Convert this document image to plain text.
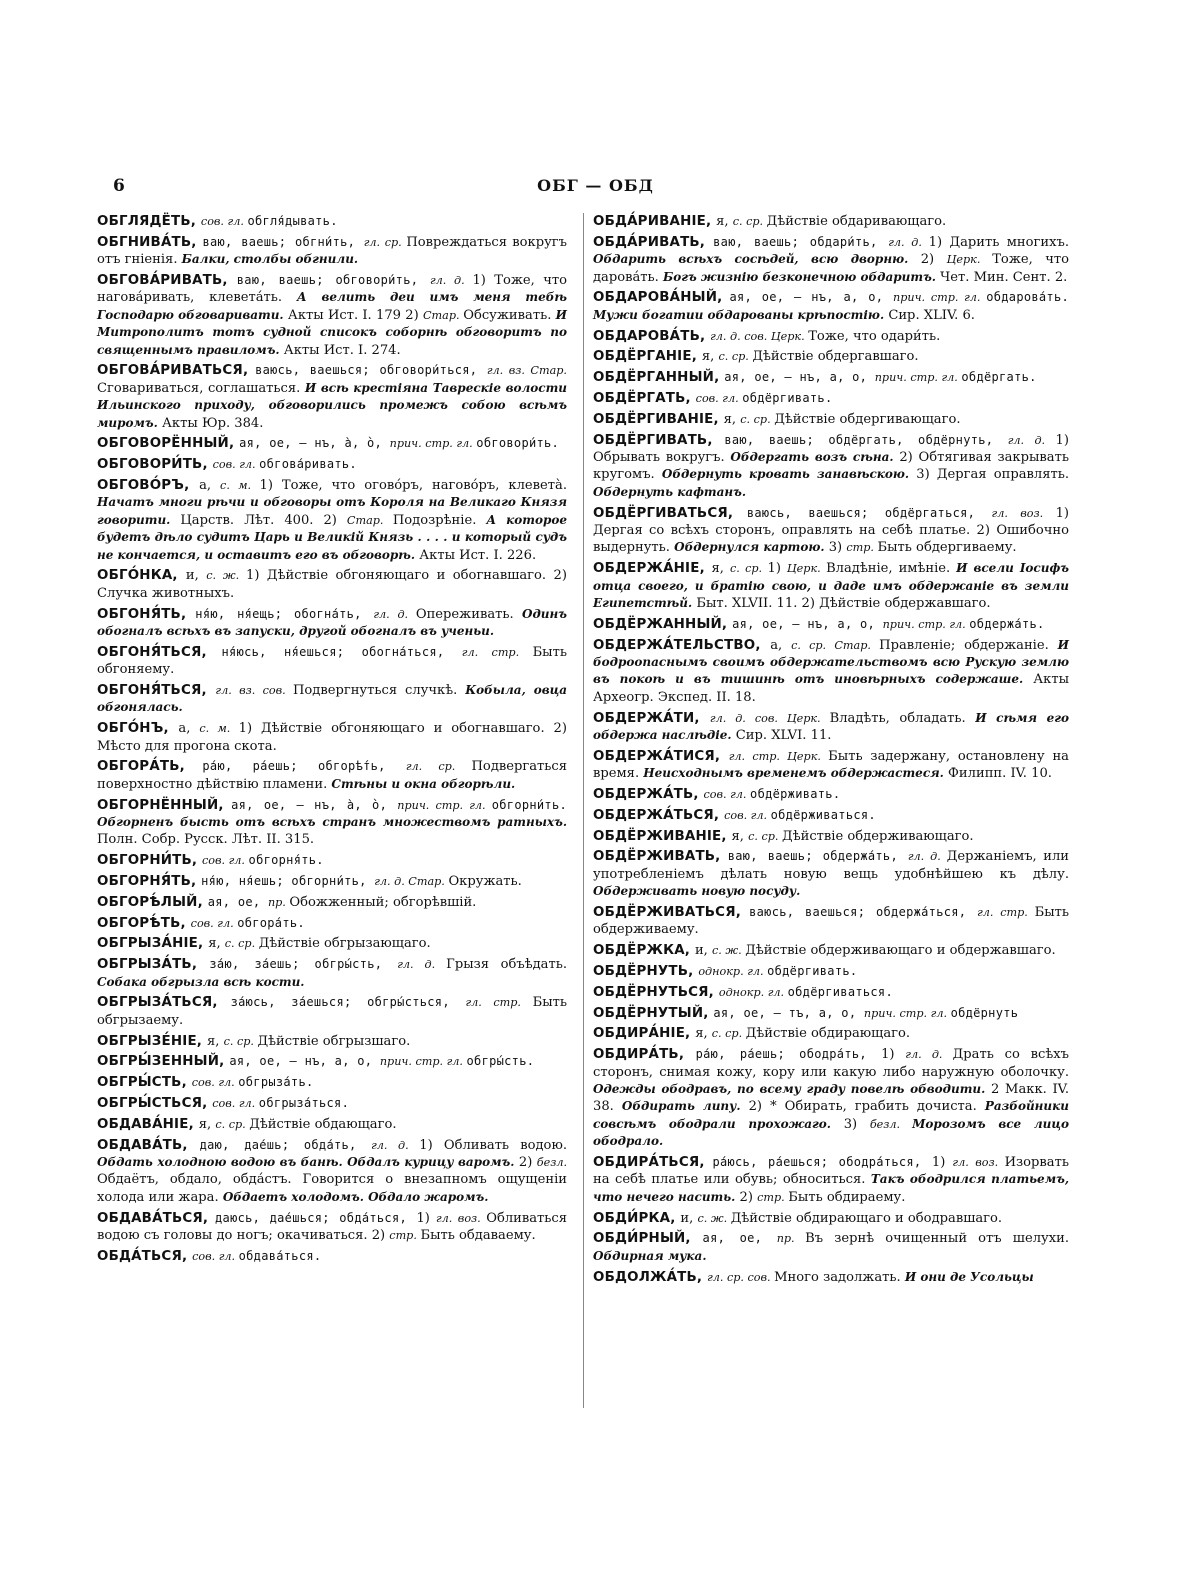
6	ОБГ — ОБД
ОБГЛЯДЁТЬ, сов. гл. обгля́дывать.
ОБГНИВА́ТЬ, ваю, ваешь; обгни́ть, гл. ср. Повреждаться вокругъ отъ гніенія. Балки, столбы обгнили.
ОБГОВА́РИВАТЬ, ваю, ваешь; обговори́ть, гл. д. 1) Тоже, что нагова́ривать, клевета́ть. А велить деи имъ меня тебѣ Господарю обговаривати. Акты Ист. I. 179 2) Стар. Обсуживать. И Митрополитъ тотъ судной списокъ соборнѣ обговоритъ по священнымъ правиломъ. Акты Ист. I. 274.
ОБГОВА́РИВАТЬСЯ, ваюсь, ваешься; обговори́ться, гл. вз. Стар. Сговариваться, соглашаться. И всѣ крестіяна Таврескіе волости Ильинского приходу, обговорились промежъ собою всѣмъ миромъ. Акты Юр. 384.
ОБГОВОРЁННЫЙ, ая, ое, — нъ, а̀, ò, прич. стр. гл. обговори́ть.
ОБГОВОРИ́ТЬ, сов. гл. обгова́ривать.
ОБГОВО́РЪ, а, с. м. 1) Тоже, что огово́ръ, нагово́ръ, клевета̀. Начатъ многи рѣчи и обговоры отъ Короля на Великаго Князя говорити. Царств. Лѣт. 400. 2) Стар. Подозрѣніе. А которое будетъ дѣло судитъ Царь и Великій Князь . . . . и который судъ не кончается, и оставитъ его въ обговорѣ. Акты Ист. I. 226.
ОБГО́НКА, и, с. ж. 1) Дѣйствіе обгоняющаго и обогнавшаго. 2) Случка животныхъ.
ОБГОНЯ́ТЬ, ня́ю, ня́ещь; обогна́ть, гл. д. Опереживать. Одинъ обогналъ всѣхъ въ запуски, другой обогналъ въ ученьи.
ОБГОНЯ́ТЬСЯ, ня́юсь, ня́ешься; обогна́ться, гл. стр. Быть обгоняему.
ОБГОНЯ́ТЬСЯ, гл. вз. сов. Подвергнуться случкѣ. Кобыла, овца обгонялась.
ОБГО́НЪ, а, с. м. 1) Дѣйствіе обгоняющаго и обогнавшаго. 2) Мѣсто для прогона скота.
ОБГОРА́ТЬ, ра́ю, ра́ешь; обгорѣ́ть, гл. ср. Подвергаться поверхностно дѣйствію пламени. Стѣны и окна обгорѣли.
ОБГОРНЁННЫЙ, ая, ое, — нъ, а̀, ò, прич. стр. гл. обгорни́ть. Обгорненъ бысть отъ всѣхъ странъ множествомъ ратныхъ. Полн. Собр. Русск. Лѣт. II. 315.
ОБГОРНИ́ТЬ, сов. гл. обгорня́ть.
ОБГОРНЯ́ТЬ, ня́ю, ня́ешь; обгорни́ть, гл. д. Стар. Окружать.
ОБГОРѢ́ЛЫЙ, ая, ое, пр. Обожженный; обгорѣвшій.
ОБГОРѢ́ТЬ, сов. гл. обгора́ть.
ОБГРЫЗА́НІЕ, я, с. ср. Дѣйствіе обгрызающаго.
ОБГРЫЗА́ТЬ, за́ю, за́ешь; обгры́сть, гл. д. Грызя объѣдать. Собака обгрызла всѣ кости.
ОБГРЫЗА́ТЬСЯ, за́юсь, за́ешься; обгры́сться, гл. стр. Быть обгрызаему.
ОБГРЫЗЕ́НІЕ, я, с. ср. Дѣйствіе обгрызшаго.
ОБГРЫ́ЗЕННЫЙ, ая, ое, — нъ, а, о, прич. стр. гл. обгры́сть.
ОБГРЫ́СТЬ, сов. гл. обгрыза́ть.
ОБГРЫ́СТЬСЯ, сов. гл. обгрыза́ться.
ОБДАВА́НІЕ, я, с. ср. Дѣйствіе обдающаго.
ОБДАВА́ТЬ, даю, дае́шь; обда́ть, гл. д. 1) Обливать водою. Обдать холодною водою въ банѣ. Обдалъ курицу варомъ. 2) безл. Обдаётъ, обдало, обда́стъ. Говорится о внезапномъ ощущеніи холода или жара. Обдаетъ холодомъ. Обдало жаромъ.
ОБДАВА́ТЬСЯ, даюсь, дае́шься; обда́ться, 1) гл. воз. Обливаться водою съ головы до ногъ; окачиваться. 2) стр. Быть обдаваему.
ОБДА́ТЬСЯ, сов. гл. обдава́ться.
ОБДА́РИВАНІЕ, я, с. ср. Дѣйствіе обдаривающаго.
ОБДА́РИВАТЬ, ваю, ваешь; обдари́ть, гл. д. 1) Дарить многихъ. Обдарить всѣхъ сосѣдей, всю дворню. 2) Церк. Тоже, что дарова́ть. Богъ жизнію безконечною обдаритъ. Чет. Мин. Сент. 2.
ОБДАРОВА́НЫЙ, ая, ое, — нъ, а, о, прич. стр. гл. обдарова́ть. Мужи богатии обдарованы крѣпостію. Сир. XLIV. 6.
ОБДАРОВА́ТЬ, гл. д. сов. Церк. Тоже, что одари́ть.
ОБДЁРГАНІЕ, я, с. ср. Дѣйствіе обдергавшаго.
ОБДЁРГАННЫЙ, ая, ое, — нъ, а, о, прич. стр. гл. обдёргать.
ОБДЁРГАТЬ, сов. гл. обдёргивать.
ОБДЁРГИВАНІЕ, я, с. ср. Дѣйствіе обдергивающаго.
ОБДЁРГИВАТЬ, ваю, ваешь; обдёргать, обдёрнуть, гл. д. 1) Обрывать вокругъ. Обдергать возъ сѣна. 2) Обтягивая закрывать кругомъ. Обдернуть кровать занавѣскою. 3) Дергая оправлять. Обдернуть кафтанъ.
ОБДЁРГИВАТЬСЯ, ваюсь, ваешься; обдёргаться, гл. воз. 1) Дергая со всѣхъ сторонъ, оправлять на себѣ платье. 2) Ошибочно выдернуть. Обдернулся картою. 3) стр. Быть обдергиваему.
ОБДЕРЖА́НІЕ, я, с. ср. 1) Церк. Владѣніе, имѣніе. И всели Іосифъ отца своего, и братію свою, и даде имъ обдержаніе въ земли Египетстѣй. Быт. XLVII. 11. 2) Дѣйствіе обдержавшаго.
ОБДЁРЖАННЫЙ, ая, ое, — нъ, а, о, прич. стр. гл. обдержа́ть.
ОБДЕРЖА́ТЕЛЬСТВО, а, с. ср. Стар. Правленіе; обдержаніе. И бодроопаснымъ своимъ обдержательствомъ всю Рускую землю въ покоѣ и въ тишинѣ отъ иновѣрныхъ содержаше. Акты Археогр. Экспед. II. 18.
ОБДЕРЖА́ТИ, гл. д. сов. Церк. Владѣть, обладать. И сѣмя его обдержа наслѣдіе. Сир. XLVI. 11.
ОБДЕРЖА́ТИСЯ, гл. стр. Церк. Быть задержану, остановлену на время. Неисходнымъ временемъ обдержастеся. Филипп. IV. 10.
ОБДЕРЖА́ТЬ, сов. гл. обдёрживать.
ОБДЕРЖА́ТЬСЯ, сов. гл. обдёрживаться.
ОБДЁРЖИВАНІЕ, я, с. ср. Дѣйствіе обдерживающаго.
ОБДЁРЖИВАТЬ, ваю, ваешь; обдержа́ть, гл. д. Держаніемъ, или употребленіемъ дѣлать новую вещь удобнѣйшею къ дѣлу. Обдерживать новую посуду.
ОБДЁРЖИВАТЬСЯ, ваюсь, ваешься; обдержа́ться, гл. стр. Быть обдерживаему.
ОБДЁРЖКА, и, с. ж. Дѣйствіе обдерживающаго и обдержавшаго.
ОБДЁРНУТЬ, однокр. гл. обдёргивать.
ОБДЁРНУТЬСЯ, однокр. гл. обдёргиваться.
ОБДЁРНУТЫЙ, ая, ое, — тъ, а, о, прич. стр. гл. обдёрнуть
ОБДИРА́НІЕ, я, с. ср. Дѣйствіе обдирающаго.
ОБДИРА́ТЬ, ра́ю, ра́ешь; ободра́ть, 1) гл. д. Драть со всѣхъ сторонъ, снимая кожу, кору или какую либо наружную оболочку. Одежды ободравъ, по всему граду повелѣ обводити. 2 Макк. IV. 38. Обдирать липу. 2) * Обирать, грабить дочиста. Разбойники совсѣмъ ободрали прохожаго. 3) безл. Морозомъ все лицо ободрало.
ОБДИРА́ТЬСЯ, ра́юсь, ра́ешься; ободра́ться, 1) гл. воз. Изорвать на себѣ платье или обувь; обноситься. Такъ ободрился платьемъ, что нечего насить. 2) стр. Быть обдираему.
ОБДИ́РКА, и, с. ж. Дѣйствіе обдирающаго и ободравшаго.
ОБДИ́РНЫЙ, ая, ое, пр. Въ зернѣ очищенный отъ шелухи. Обдирная мука.
ОБДОЛЖА́ТЬ, гл. ср. сов. Много задолжать. И они де Усольцы
